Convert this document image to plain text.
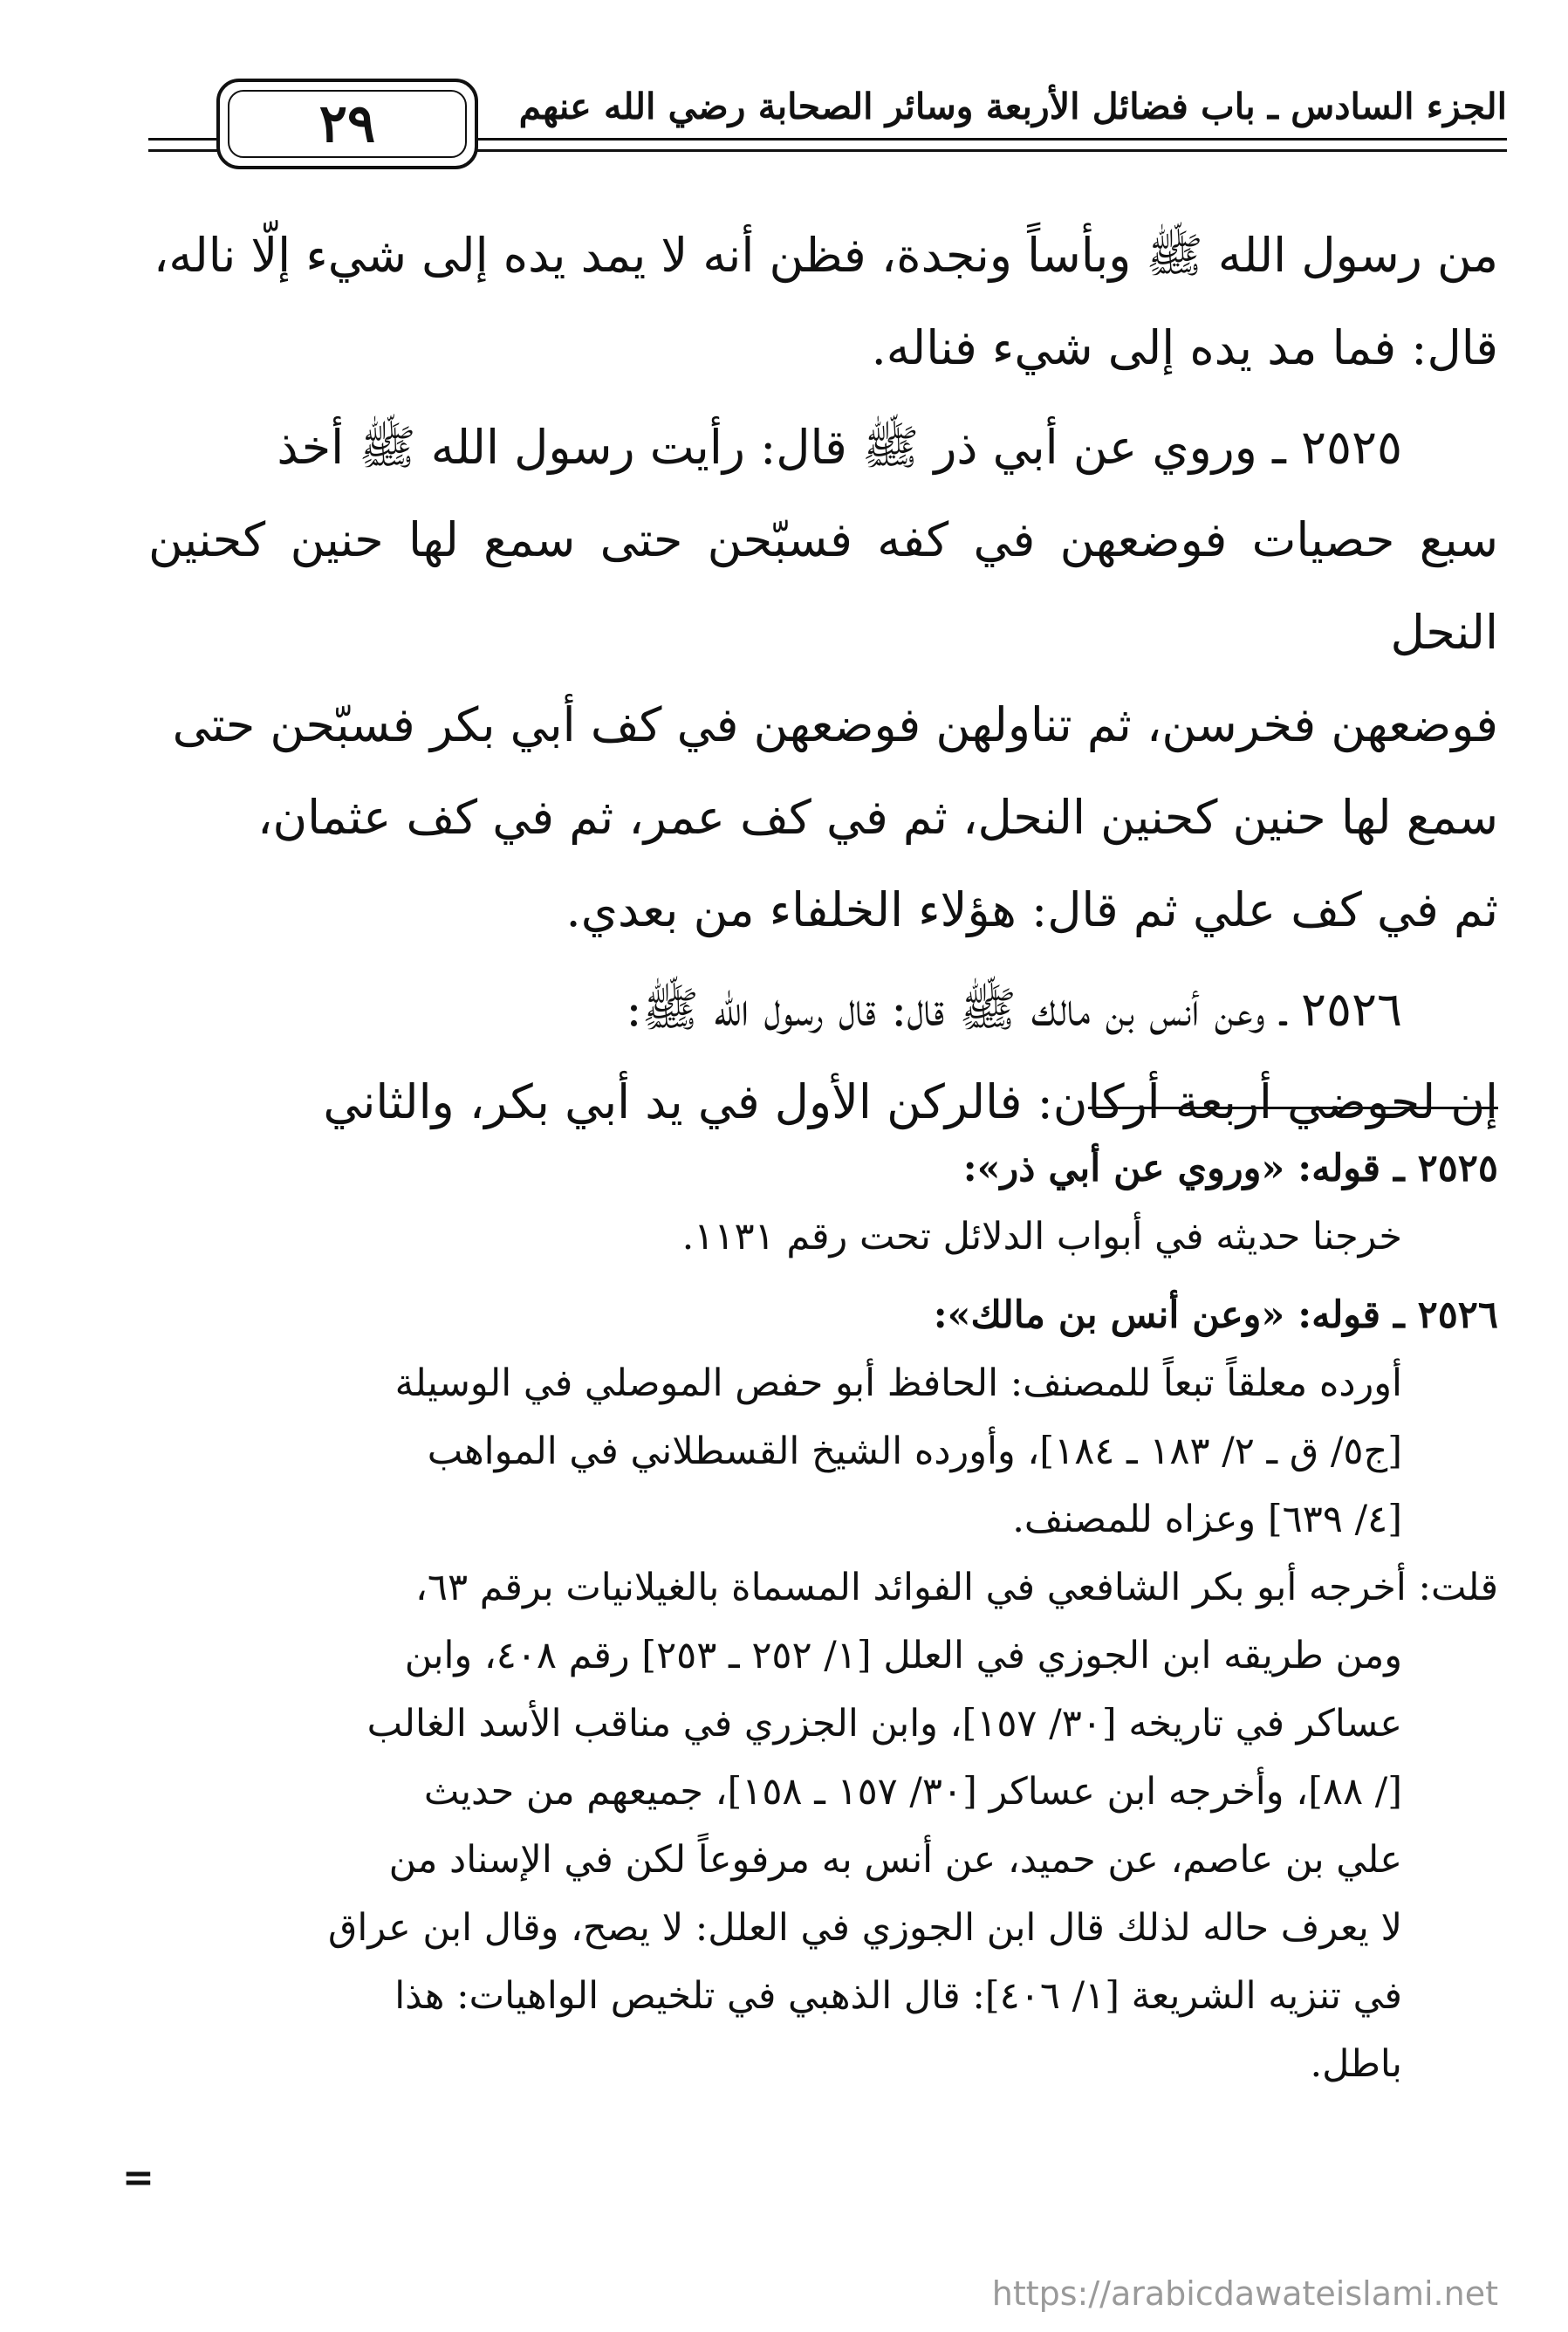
الجزء السادس ـ باب فضائل الأربعة وسائر الصحابة رضي الله عنهم
٢٩

من رسول الله ﷺ وبأساً ونجدة، فظن أنه لا يمد يده إلى شيء إلّا ناله،

قال: فما مد يده إلى شيء فناله.

٢٥٢٥ ـ وروي عن أبي ذر ﷺ قال: رأيت رسول الله ﷺ أخذ

سبع حصيات فوضعهن في كفه فسبّحن حتى سمع لها حنين كحنين النحل

فوضعهن فخرسن، ثم تناولهن فوضعهن في كف أبي بكر فسبّحن حتى

سمع لها حنين كحنين النحل، ثم في كف عمر، ثم في كف عثمان،

ثم في كف علي ثم قال: هؤلاء الخلفاء من بعدي.

٢٥٢٦ ـ وعن أنس بن مالك ﷺ قال: قال رسول الله ﷺ:

إن لحوضي أربعة أركان: فالركن الأول في يد أبي بكر، والثاني

٢٥٢٥ ـ قوله: «وروي عن أبي ذر»:

خرجنا حديثه في أبواب الدلائل تحت رقم ١١٣١.

٢٥٢٦ ـ قوله: «وعن أنس بن مالك»:

أورده معلقاً تبعاً للمصنف: الحافظ أبو حفص الموصلي في الوسيلة

[ج٥/ ق ـ ٢/ ١٨٣ ـ ١٨٤]، وأورده الشيخ القسطلاني في المواهب

[٤/ ٦٣٩] وعزاه للمصنف.

قلت: أخرجه أبو بكر الشافعي في الفوائد المسماة بالغيلانيات برقم ٦٣،

ومن طريقه ابن الجوزي في العلل [١/ ٢٥٢ ـ ٢٥٣] رقم ٤٠٨، وابن

عساكر في تاريخه [٣٠/ ١٥٧]، وابن الجزري في مناقب الأسد الغالب

[/ ٨٨]، وأخرجه ابن عساكر [٣٠/ ١٥٧ ـ ١٥٨]، جميعهم من حديث

علي بن عاصم، عن حميد، عن أنس به مرفوعاً لكن في الإسناد من

لا يعرف حاله لذلك قال ابن الجوزي في العلل: لا يصح، وقال ابن عراق

في تنزيه الشريعة [١/ ٤٠٦]: قال الذهبي في تلخيص الواهيات: هذا

باطل.

=
https://arabicdawateislami.net
